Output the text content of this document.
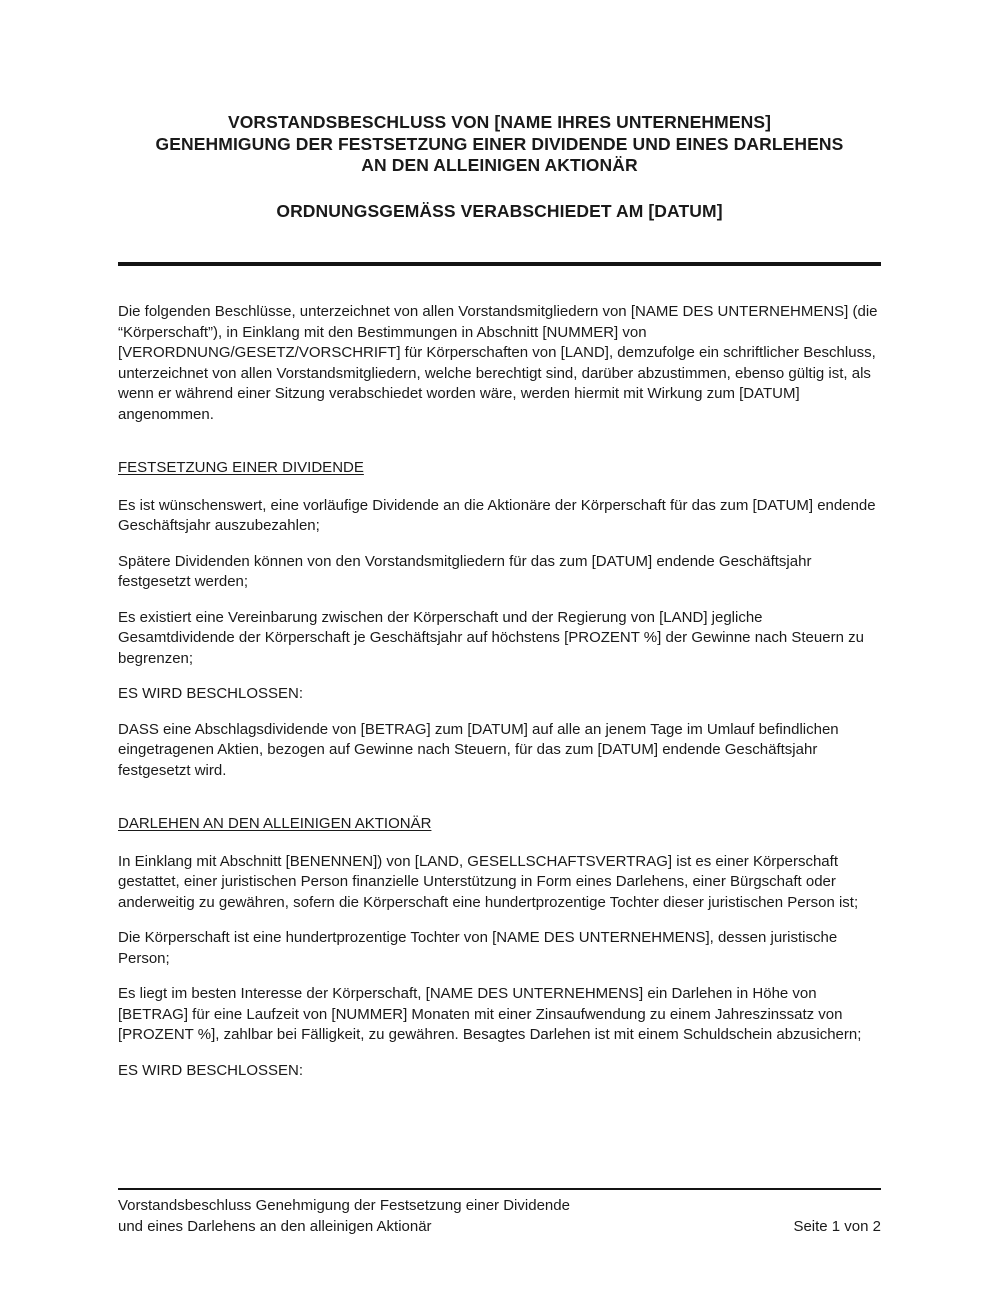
VORSTANDSBESCHLUSS VON [NAME IHRES UNTERNEHMENS]
GENEHMIGUNG DER FESTSETZUNG EINER DIVIDENDE UND EINES DARLEHENS
AN DEN ALLEINIGEN AKTIONÄR
ORDNUNGSGEMÄSS VERABSCHIEDET AM [DATUM]

Die folgenden Beschlüsse, unterzeichnet von allen Vorstandsmitgliedern von [NAME DES UNTERNEHMENS] (die “Körperschaft”), in Einklang mit den Bestimmungen in Abschnitt [NUMMER] von [VERORDNUNG/GESETZ/VORSCHRIFT] für Körperschaften von [LAND], demzufolge ein schriftlicher Beschluss, unterzeichnet von allen Vorstandsmitgliedern, welche berechtigt sind, darüber abzustimmen, ebenso gültig ist, als wenn er während einer Sitzung verabschiedet worden wäre, werden hiermit mit Wirkung zum [DATUM] angenommen.

FESTSETZUNG EINER DIVIDENDE

Es ist wünschenswert, eine vorläufige Dividende an die Aktionäre der Körperschaft für das zum [DATUM] endende Geschäftsjahr auszubezahlen;

Spätere Dividenden können von den Vorstandsmitgliedern für das zum [DATUM] endende Geschäftsjahr festgesetzt werden;

Es existiert eine Vereinbarung zwischen der Körperschaft und der Regierung von [LAND] jegliche Gesamtdividende der Körperschaft je Geschäftsjahr auf höchstens [PROZENT %] der Gewinne nach Steuern zu begrenzen;

ES WIRD BESCHLOSSEN:

DASS eine Abschlagsdividende von [BETRAG] zum [DATUM] auf alle an jenem Tage im Umlauf befindlichen eingetragenen Aktien, bezogen auf Gewinne nach Steuern, für das zum [DATUM] endende Geschäftsjahr festgesetzt wird.

DARLEHEN AN DEN ALLEINIGEN AKTIONÄR

In Einklang mit Abschnitt [BENENNEN]) von [LAND, GESELLSCHAFTSVERTRAG] ist es einer Körperschaft gestattet, einer juristischen Person finanzielle Unterstützung in Form eines Darlehens, einer Bürgschaft oder anderweitig zu gewähren, sofern die Körperschaft eine hundertprozentige Tochter dieser juristischen Person ist;

Die Körperschaft ist eine hundertprozentige Tochter von [NAME DES UNTERNEHMENS], dessen juristische Person;

Es liegt im besten Interesse der Körperschaft, [NAME DES UNTERNEHMENS] ein Darlehen in Höhe von [BETRAG] für eine Laufzeit von [NUMMER] Monaten mit einer Zinsaufwendung zu einem Jahreszinssatz von [PROZENT %], zahlbar bei Fälligkeit, zu gewähren. Besagtes Darlehen ist mit einem Schuldschein abzusichern;

ES WIRD BESCHLOSSEN:

Vorstandsbeschluss Genehmigung der Festsetzung einer Dividende
und eines Darlehens an den alleinigen Aktionär	Seite 1 von 2
